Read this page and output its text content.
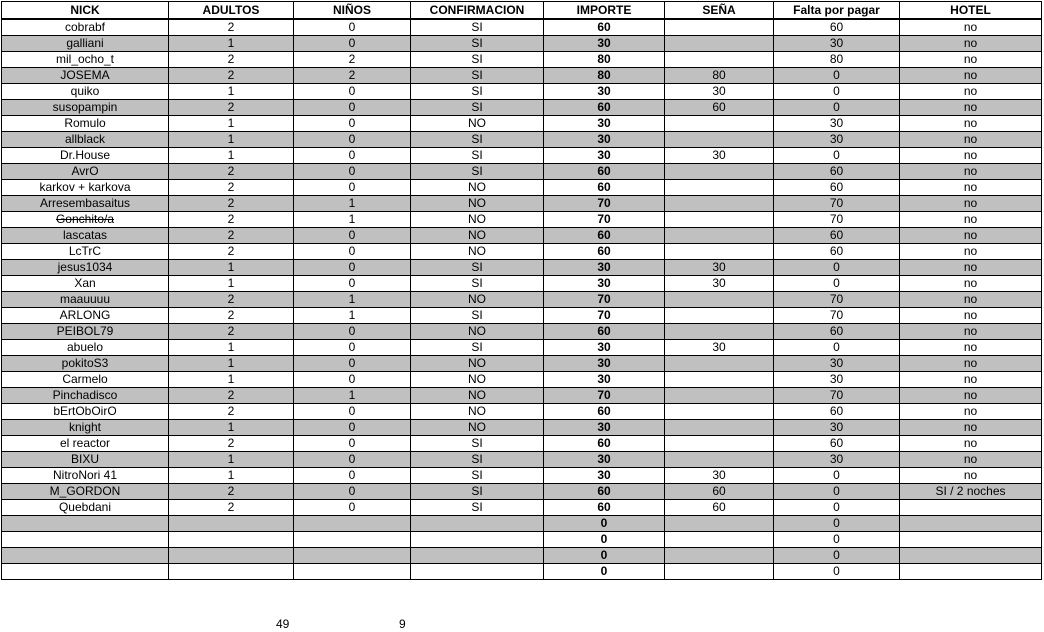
NICK	ADULTOS	NIÑOS	CONFIRMACION	IMPORTE	SEÑA	Falta por pagar	HOTEL
cobrabf	2	0	SI	60		60	no
galliani	1	0	SI	30		30	no
mil_ocho_t	2	2	SI	80		80	no
JOSEMA	2	2	SI	80	80	0	no
quiko	1	0	SI	30	30	0	no
susopampin	2	0	SI	60	60	0	no
Romulo	1	0	NO	30		30	no
allblack	1	0	SI	30		30	no
Dr.House	1	0	SI	30	30	0	no
AvrO	2	0	SI	60		60	no
karkov + karkova	2	0	NO	60		60	no
Arresembasaitus	2	1	NO	70		70	no
Gonchito/a	2	1	NO	70		70	no
lascatas	2	0	NO	60		60	no
LcTrC	2	0	NO	60		60	no
jesus1034	1	0	SI	30	30	0	no
Xan	1	0	SI	30	30	0	no
maauuuu	2	1	NO	70		70	no
ARLONG	2	1	SI	70		70	no
PEIBOL79	2	0	NO	60		60	no
abuelo	1	0	SI	30	30	0	no
pokitoS3	1	0	NO	30		30	no
Carmelo	1	0	NO	30		30	no
Pinchadisco	2	1	NO	70		70	no
bErtObOirO	2	0	NO	60		60	no
knight	1	0	NO	30		30	no
el reactor	2	0	SI	60		60	no
BIXU	1	0	SI	30		30	no
NitroNori 41	1	0	SI	30	30	0	no
M_GORDON	2	0	SI	60	60	0	SI / 2 noches
Quebdani	2	0	SI	60	60	0	
				0		0	
				0		0	
				0		0	
				0		0	
49	9
